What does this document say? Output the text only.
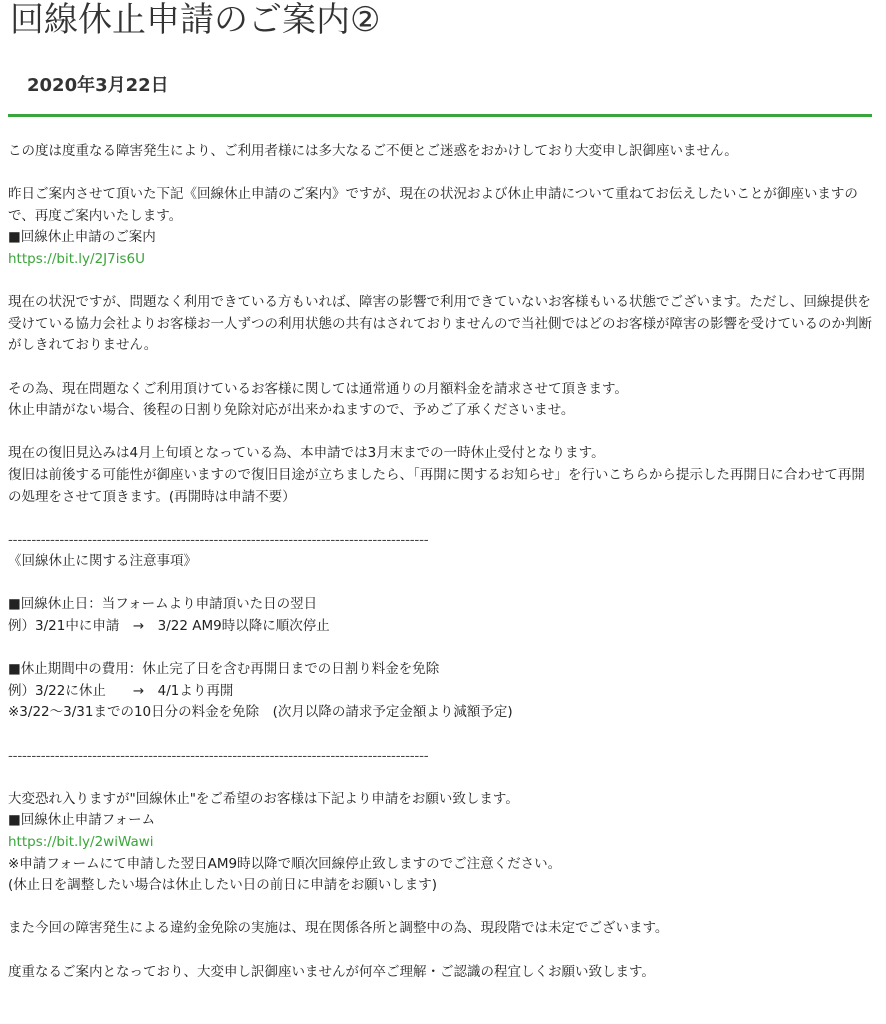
回線休止申請のご案内②
2020年3月22日
この度は度重なる障害発生により、ご利用者様には多大なるご不便とご迷惑をおかけしており大変申し訳御座いません。
昨日ご案内させて頂いた下記《回線休止申請のご案内》ですが、現在の状況および休止申請について重ねてお伝えしたいことが御座いますので、再度ご案内いたします。
■回線休止申請のご案内
https://bit.ly/2J7is6U
現在の状況ですが、問題なく利用できている方もいれば、障害の影響で利用できていないお客様もいる状態でございます。ただし、回線提供を受けている協力会社よりお客様お一人ずつの利用状態の共有はされておりませんので当社側ではどのお客様が障害の影響を受けているのか判断がしきれておりません。
その為、現在問題なくご利用頂けているお客様に関しては通常通りの月額料金を請求させて頂きます。
休止申請がない場合、後程の日割り免除対応が出来かねますので、予めご了承くださいませ。
現在の復旧見込みは4月上旬頃となっている為、本申請では3月末までの一時休止受付となります。
復旧は前後する可能性が御座いますので復旧目途が立ちましたら、「再開に関するお知らせ」を行いこちらから提示した再開日に合わせて再開の処理をさせて頂きます。(再開時は申請不要）
------------------------------------------------------------------------------------------
《回線休止に関する注意事項》
■回線休止日：当フォームより申請頂いた日の翌日
例）3/21中に申請　→　3/22 AM9時以降に順次停止
■休止期間中の費用：休止完了日を含む再開日までの日割り料金を免除
例）3/22に休止　　→　4/1より再開
※3/22〜3/31までの10日分の料金を免除　(次月以降の請求予定金額より減額予定)
------------------------------------------------------------------------------------------
大変恐れ入りますが"回線休止"をご希望のお客様は下記より申請をお願い致します。
■回線休止申請フォーム
https://bit.ly/2wiWawi
※申請フォームにて申請した翌日AM9時以降で順次回線停止致しますのでご注意ください。
(休止日を調整したい場合は休止したい日の前日に申請をお願いします)
また今回の障害発生による違約金免除の実施は、現在関係各所と調整中の為、現段階では未定でございます。
度重なるご案内となっており、大変申し訳御座いませんが何卒ご理解・ご認識の程宜しくお願い致します。
